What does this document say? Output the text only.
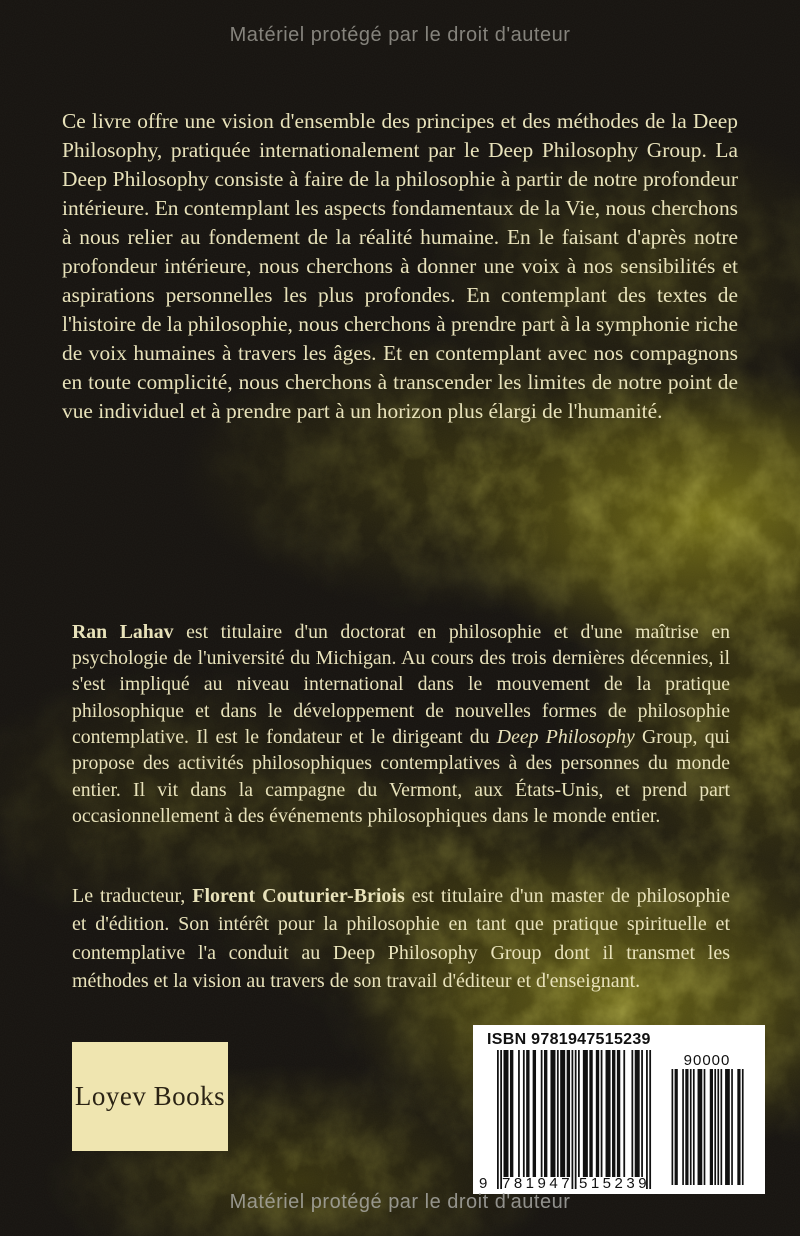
Matériel protégé par le droit d'auteur

Ce livre offre une vision d'ensemble des principes et des méthodes de la Deep Philosophy, pratiquée internationalement par le Deep Philosophy Group. La Deep Philosophy consiste à faire de la philosophie à partir de notre profondeur intérieure. En contemplant les aspects fondamentaux de la Vie, nous cherchons à nous relier au fondement de la réalité humaine. En le faisant d'après notre profondeur intérieure, nous cherchons à donner une voix à nos sensibilités et aspirations personnelles les plus profondes. En contemplant des textes de l'histoire de la philosophie, nous cherchons à prendre part à la symphonie riche de voix humaines à travers les âges. Et en contemplant avec nos compagnons en toute complicité, nous cherchons à transcender les limites de notre point de vue individuel et à prendre part à un horizon plus élargi de l'humanité.

Ran Lahav est titulaire d'un doctorat en philosophie et d'une maîtrise en psychologie de l'université du Michigan. Au cours des trois dernières décennies, il s'est impliqué au niveau international dans le mouvement de la pratique philosophique et dans le développement de nouvelles formes de philosophie contemplative. Il est le fondateur et le dirigeant du Deep Philosophy Group, qui propose des activités philosophiques contemplatives à des personnes du monde entier. Il vit dans la campagne du Vermont, aux États-Unis, et prend part occasionnellement à des événements philosophiques dans le monde entier.

Le traducteur, Florent Couturier-Briois est titulaire d'un master de philosophie et d'édition. Son intérêt pour la philosophie en tant que pratique spirituelle et contemplative l'a conduit au Deep Philosophy Group dont il transmet les méthodes et la vision au travers de son travail d'éditeur et d'enseignant.

Loyev Books
ISBN 9781947515239
9 781947 515239
90000
Matériel protégé par le droit d'auteur
